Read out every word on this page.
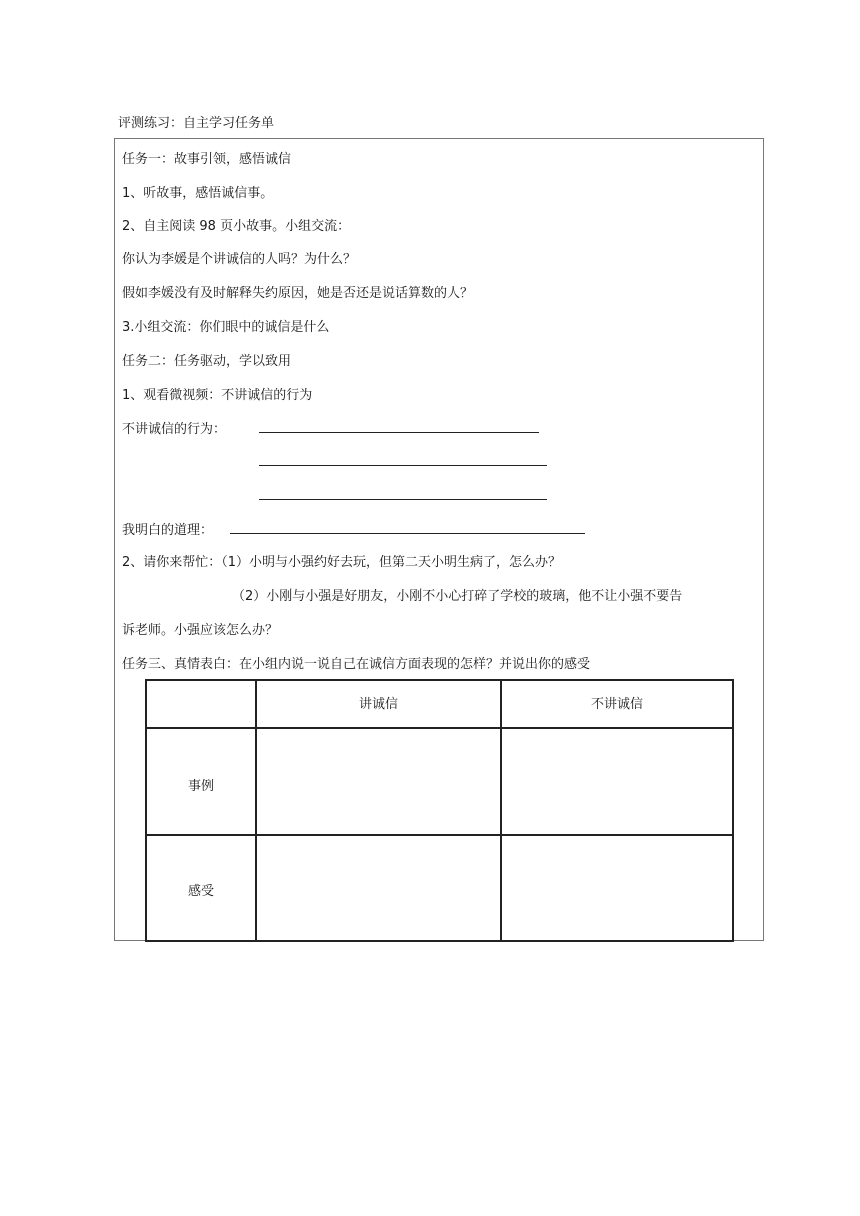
评测练习：自主学习任务单
任务一：故事引领，感悟诚信
1、听故事，感悟诚信事。
2、自主阅读 98 页小故事。小组交流：
你认为李媛是个讲诚信的人吗？为什么？
假如李媛没有及时解释失约原因，她是否还是说话算数的人？
3.小组交流：你们眼中的诚信是什么
任务二：任务驱动，学以致用
1、观看微视频：不讲诚信的行为
不讲诚信的行为：
我明白的道理：
2、请你来帮忙：（1）小明与小强约好去玩，但第二天小明生病了，怎么办？
（2）小刚与小强是好朋友，小刚不小心打碎了学校的玻璃，他不让小强不要告
诉老师。小强应该怎么办？
任务三、真情表白：在小组内说一说自己在诚信方面表现的怎样？并说出你的感受
讲诚信	不讲诚信
事例
感受
